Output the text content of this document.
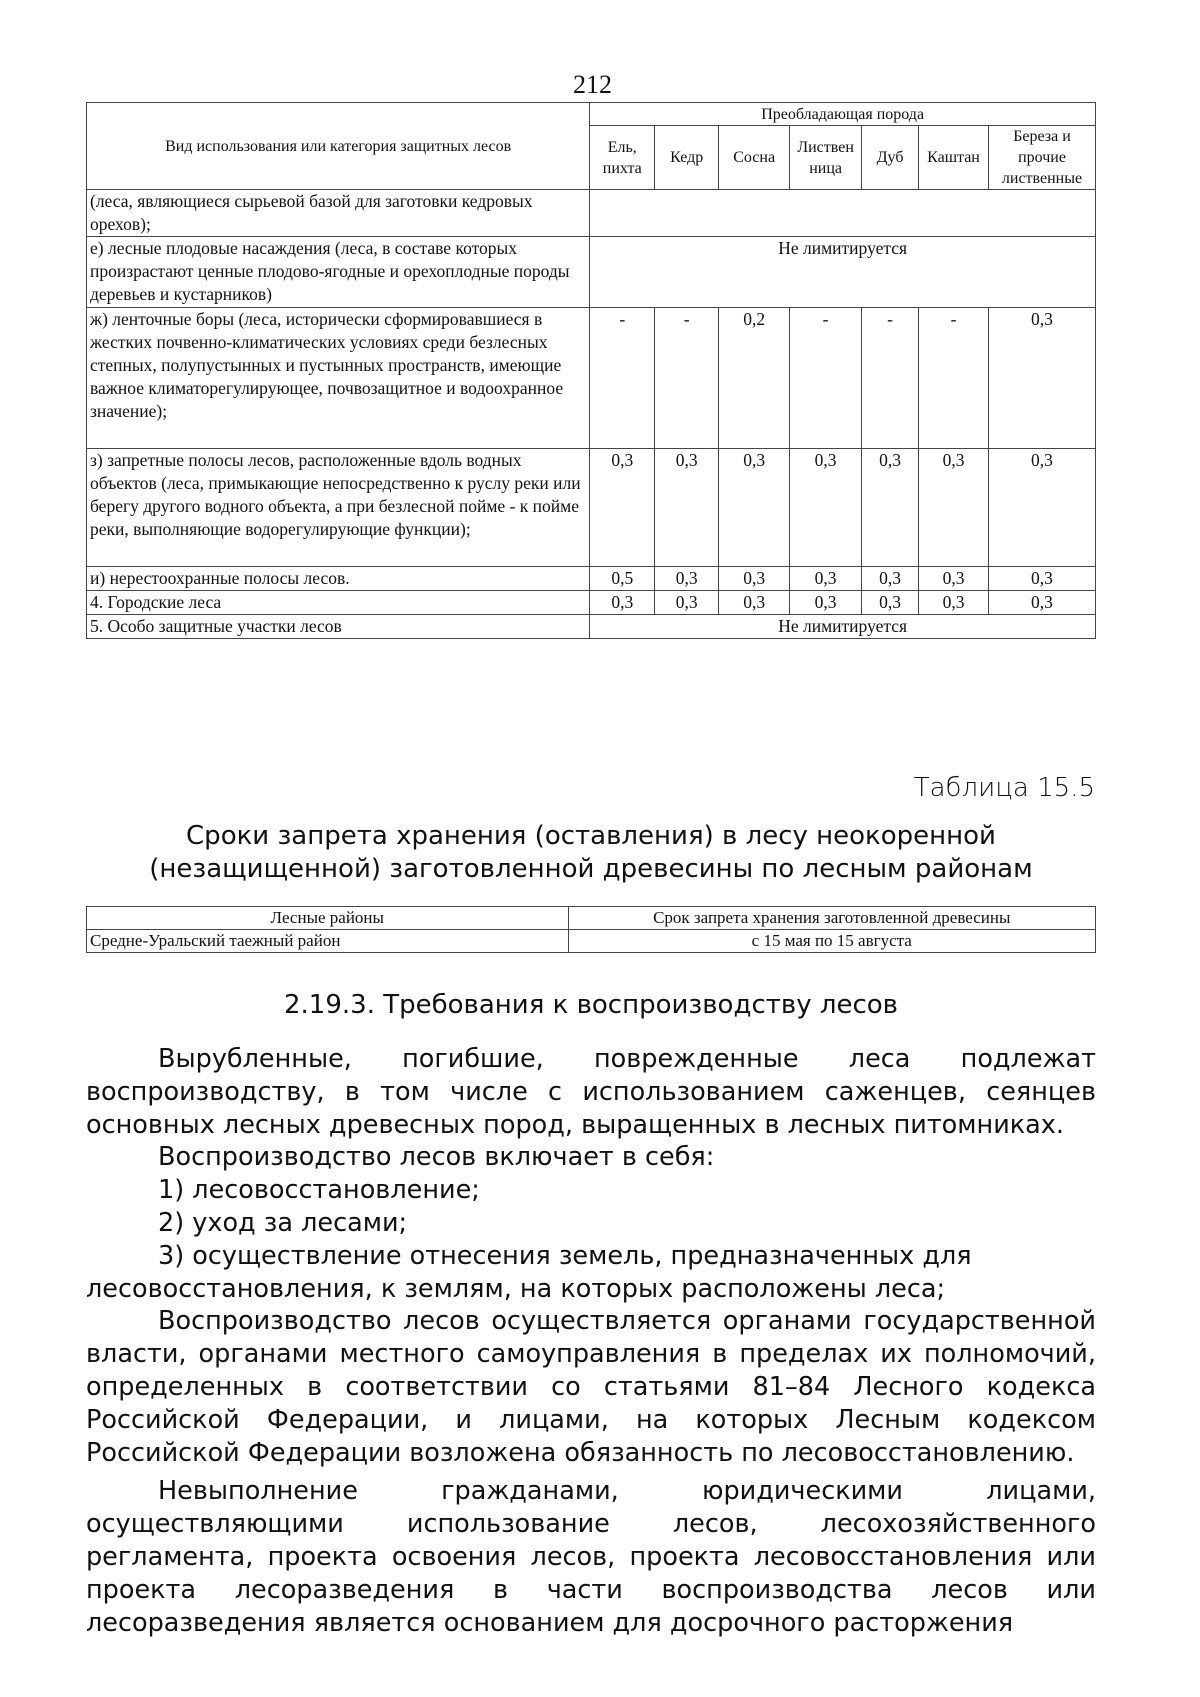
212
Вид использования или категория защитных лесов	Преобладающая порода						
	Ель, пихта	Кедр	Сосна	Листвен ница	Дуб	Каштан	Береза и прочие лиственные
(леса, являющиеся сырьевой базой для заготовки кедровых орехов);							
е) лесные плодовые насаждения (леса, в составе которых произрастают ценные плодово-ягодные и орехоплодные породы деревьев и кустарников)	Не лимитируется						
ж) ленточные боры (леса, исторически сформировавшиеся в жестких почвенно-климатических условиях среди безлесных степных, полупустынных и пустынных пространств, имеющие важное климаторегулирующее, почвозащитное и водоохранное значение);	-	-	0,2	-	-	-	0,3
з) запретные полосы лесов, расположенные вдоль водных объектов (леса, примыкающие непосредственно к руслу реки или берегу другого водного объекта, а при безлесной пойме - к пойме реки, выполняющие водорегулирующие функции);	0,3	0,3	0,3	0,3	0,3	0,3	0,3
и) нерестоохранные полосы лесов.	0,5	0,3	0,3	0,3	0,3	0,3	0,3
4. Городские леса	0,3	0,3	0,3	0,3	0,3	0,3	0,3
5. Особо защитные участки лесов	Не лимитируется						
Таблица 15.5
Сроки запрета хранения (оставления) в лесу неокоренной (незащищенной) заготовленной древесины по лесным районам
Лесные районы	Срок запрета хранения заготовленной древесины
Средне-Уральский таежный район	с 15 мая по 15 августа
2.19.3. Требования к воспроизводству лесов

Вырубленные, погибшие, поврежденные леса подлежат воспроизводству, в том числе с использованием саженцев, сеянцев основных лесных древесных пород, выращенных в лесных питомниках.

Воспроизводство лесов включает в себя:

1) лесовосстановление;

2) уход за лесами;

3) осуществление отнесения земель, предназначенных для лесовосстановления, к землям, на которых расположены леса;

Воспроизводство лесов осуществляется органами государственной власти, органами местного самоуправления в пределах их полномочий, определенных в соответствии со статьями 81–84 Лесного кодекса Российской Федерации, и лицами, на которых Лесным кодексом Российской Федерации возложена обязанность по лесовосстановлению.

Невыполнение гражданами, юридическими лицами, осуществляющими использование лесов, лесохозяйственного регламента, проекта освоения лесов, проекта лесовосстановления или проекта лесоразведения в части воспроизводства лесов или лесоразведения является основанием для досрочного расторжения
